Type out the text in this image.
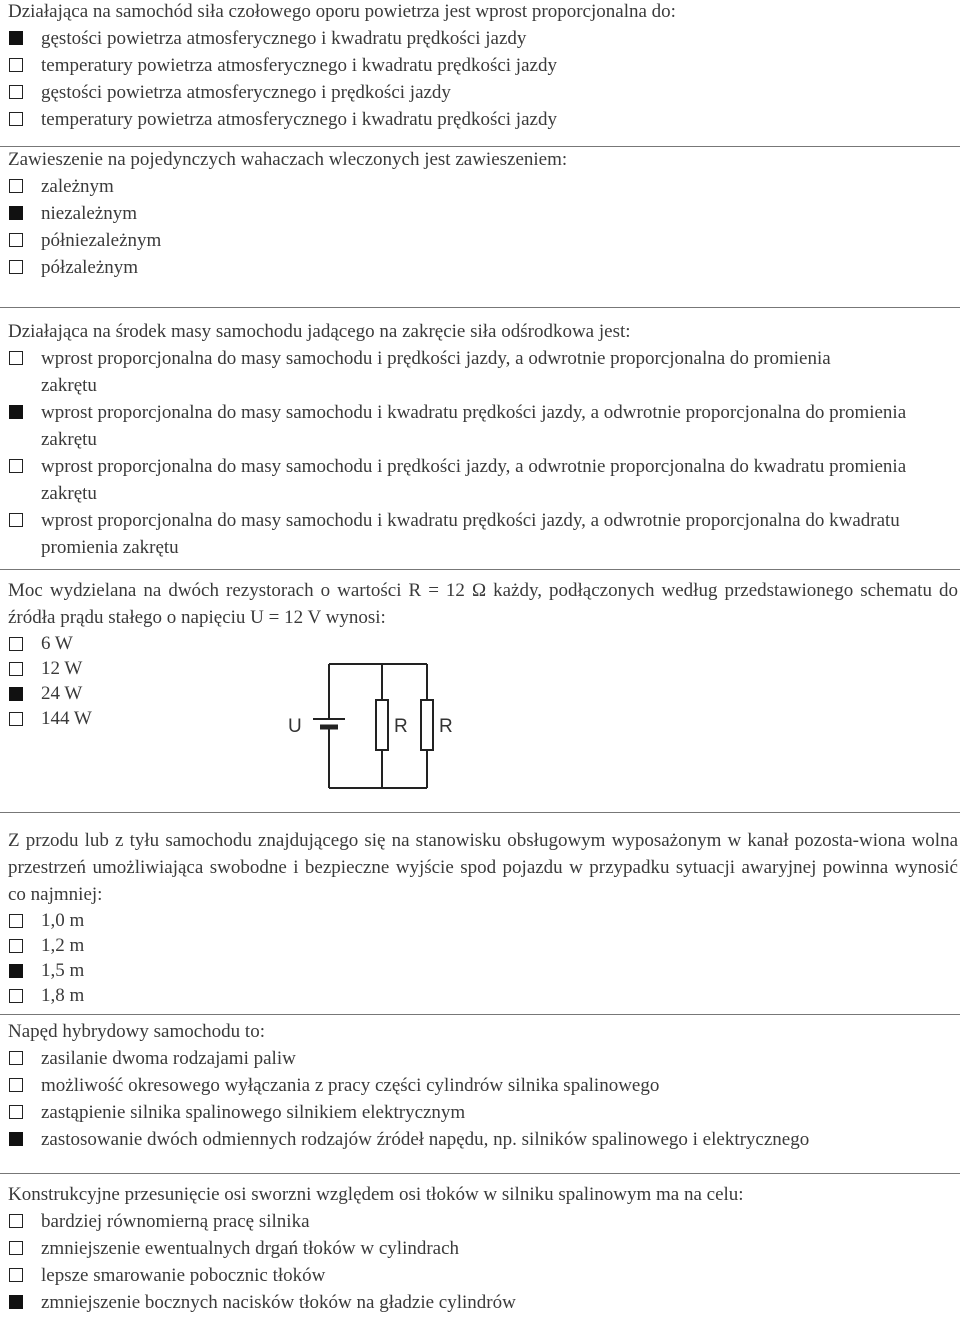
Działająca na samochód siła czołowego oporu powietrza jest wprost proporcjonalna do:
gęstości powietrza atmosferycznego i kwadratu prędkości jazdy
temperatury powietrza atmosferycznego i kwadratu prędkości jazdy
gęstości powietrza atmosferycznego i prędkości jazdy
temperatury powietrza atmosferycznego i kwadratu prędkości jazdy
Zawieszenie na pojedynczych wahaczach wleczonych jest zawieszeniem:
zależnym
niezależnym
półniezależnym
półzależnym
Działająca na środek masy samochodu jadącego na zakręcie siła odśrodkowa jest:
wprost proporcjonalna do masy samochodu i prędkości jazdy, a odwrotnie proporcjonalna do promienia zakrętu
wprost proporcjonalna do masy samochodu i kwadratu prędkości jazdy, a odwrotnie proporcjonalna do promienia zakrętu
wprost proporcjonalna do masy samochodu i prędkości jazdy, a odwrotnie proporcjonalna do kwadratu promienia zakrętu
wprost proporcjonalna do masy samochodu i kwadratu prędkości jazdy, a odwrotnie proporcjonalna do kwadratu promienia zakrętu
Moc wydzielana na dwóch rezystorach o wartości R = 12 Ω każdy, podłączonych według przedstawionego schematu do źródła prądu stałego o napięciu U = 12 V wynosi:
6 W
12 W
24 W
144 W	U	R R
Z przodu lub z tyłu samochodu znajdującego się na stanowisku obsługowym wyposażonym w kanał pozosta-wiona wolna przestrzeń umożliwiająca swobodne i bezpieczne wyjście spod pojazdu w przypadku sytuacji awaryjnej powinna wynosić co najmniej:
1,0 m
1,2 m
1,5 m
1,8 m
Napęd hybrydowy samochodu to:
zasilanie dwoma rodzajami paliw
możliwość okresowego wyłączania z pracy części cylindrów silnika spalinowego
zastąpienie silnika spalinowego silnikiem elektrycznym
zastosowanie dwóch odmiennych rodzajów źródeł napędu, np. silników spalinowego i elektrycznego
Konstrukcyjne przesunięcie osi sworzni względem osi tłoków w silniku spalinowym ma na celu:
bardziej równomierną pracę silnika
zmniejszenie ewentualnych drgań tłoków w cylindrach
lepsze smarowanie pobocznic tłoków
zmniejszenie bocznych nacisków tłoków na gładzie cylindrów
